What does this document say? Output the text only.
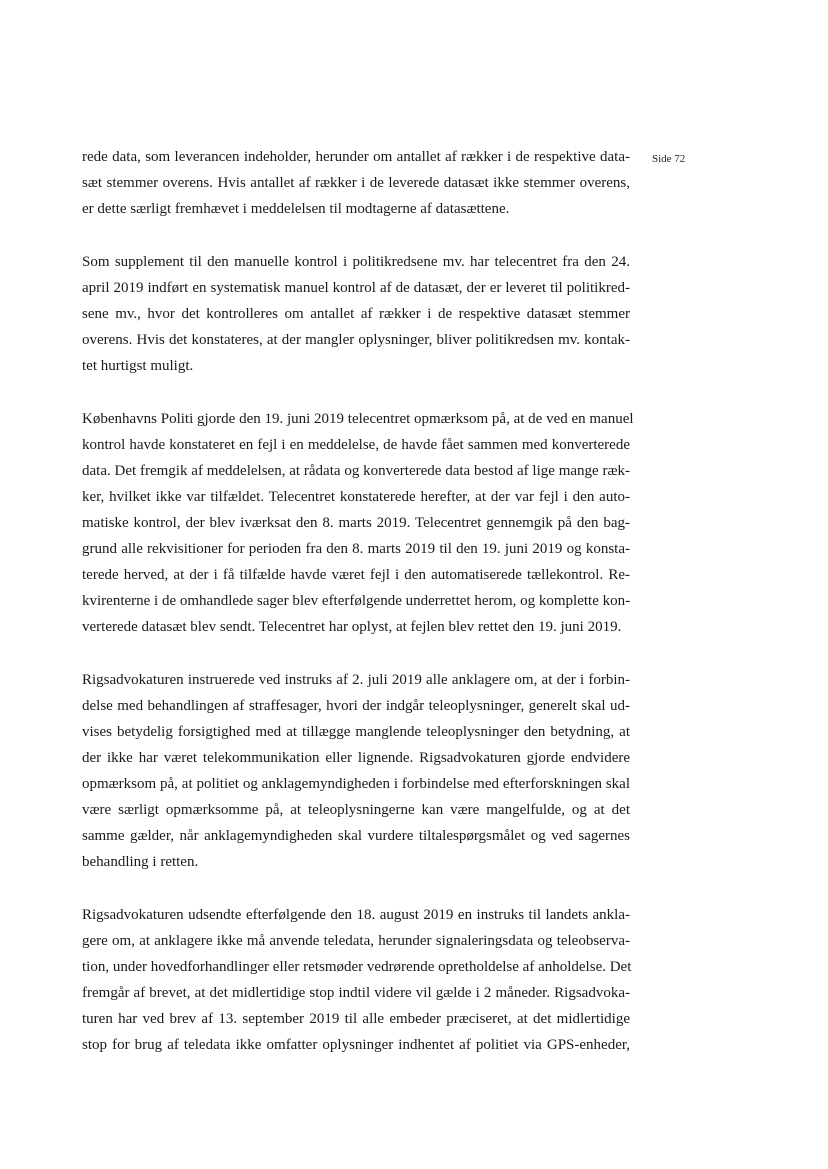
Side 72

rede data, som leverancen indeholder, herunder om antallet af rækker i de respektive data-
sæt stemmer overens. Hvis antallet af rækker i de leverede datasæt ikke stemmer overens,
er dette særligt fremhævet i meddelelsen til modtagerne af datasættene.

Som supplement til den manuelle kontrol i politikredsene mv. har telecentret fra den 24.
april 2019 indført en systematisk manuel kontrol af de datasæt, der er leveret til politikred-
sene mv., hvor det kontrolleres om antallet af rækker i de respektive datasæt stemmer
overens. Hvis det konstateres, at der mangler oplysninger, bliver politikredsen mv. kontak-
tet hurtigst muligt.

Københavns Politi gjorde den 19. juni 2019 telecentret opmærksom på, at de ved en manuel
kontrol havde konstateret en fejl i en meddelelse, de havde fået sammen med konverterede
data. Det fremgik af meddelelsen, at rådata og konverterede data bestod af lige mange ræk-
ker, hvilket ikke var tilfældet. Telecentret konstaterede herefter, at der var fejl i den auto-
matiske kontrol, der blev iværksat den 8. marts 2019. Telecentret gennemgik på den bag-
grund alle rekvisitioner for perioden fra den 8. marts 2019 til den 19. juni 2019 og konsta-
terede herved, at der i få tilfælde havde været fejl i den automatiserede tællekontrol. Re-
kvirenterne i de omhandlede sager blev efterfølgende underrettet herom, og komplette kon-
verterede datasæt blev sendt. Telecentret har oplyst, at fejlen blev rettet den 19. juni 2019.

Rigsadvokaturen instruerede ved instruks af 2. juli 2019 alle anklagere om, at der i forbin-
delse med behandlingen af straffesager, hvori der indgår teleoplysninger, generelt skal ud-
vises betydelig forsigtighed med at tillægge manglende teleoplysninger den betydning, at
der ikke har været telekommunikation eller lignende. Rigsadvokaturen gjorde endvidere
opmærksom på, at politiet og anklagemyndigheden i forbindelse med efterforskningen skal
være særligt opmærksomme på, at teleoplysningerne kan være mangelfulde, og at det
samme gælder, når anklagemyndigheden skal vurdere tiltalespørgsmålet og ved sagernes
behandling i retten.

Rigsadvokaturen udsendte efterfølgende den 18. august 2019 en instruks til landets ankla-
gere om, at anklagere ikke må anvende teledata, herunder signaleringsdata og teleobserva-
tion, under hovedforhandlinger eller retsmøder vedrørende opretholdelse af anholdelse. Det
fremgår af brevet, at det midlertidige stop indtil videre vil gælde i 2 måneder. Rigsadvoka-
turen har ved brev af 13. september 2019 til alle embeder præciseret, at det midlertidige
stop for brug af teledata ikke omfatter oplysninger indhentet af politiet via GPS-enheder,
